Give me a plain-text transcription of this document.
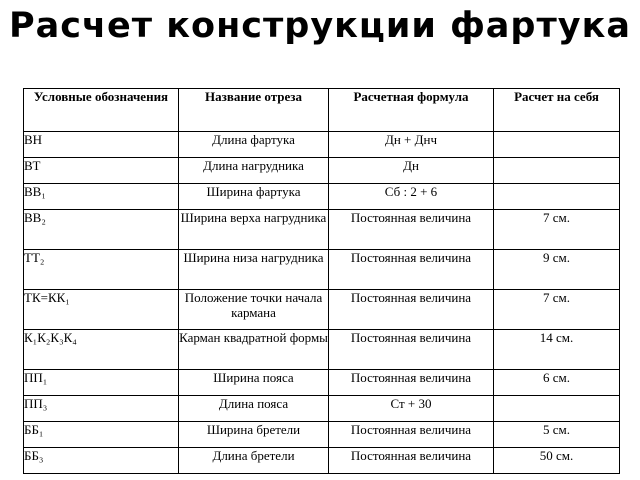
Расчет конструкции фартука
Условные обозначения	Название отреза	Расчетная формула	Расчет на себя
ВН	Длина фартука	Дн + Днч	
ВТ	Длина нагрудника	Дн	
ВВ₁	Ширина фартука	Сб : 2 + 6	
ВВ₂	Ширина верха нагрудника	Постоянная величина	7 см.
ТТ₂	Ширина низа нагрудника	Постоянная величина	9 см.
ТК=КК₁	Положение точки начала кармана	Постоянная величина	7 см.
К₁К₂К₃К₄	Карман квадратной формы	Постоянная величина	14 см.
ПП₁	Ширина пояса	Постоянная величина	6 см.
ПП₃	Длина пояса	Ст + 30	
ББ₁	Ширина бретели	Постоянная величина	5 см.
ББ₃	Длина бретели	Постоянная величина	50 см.
